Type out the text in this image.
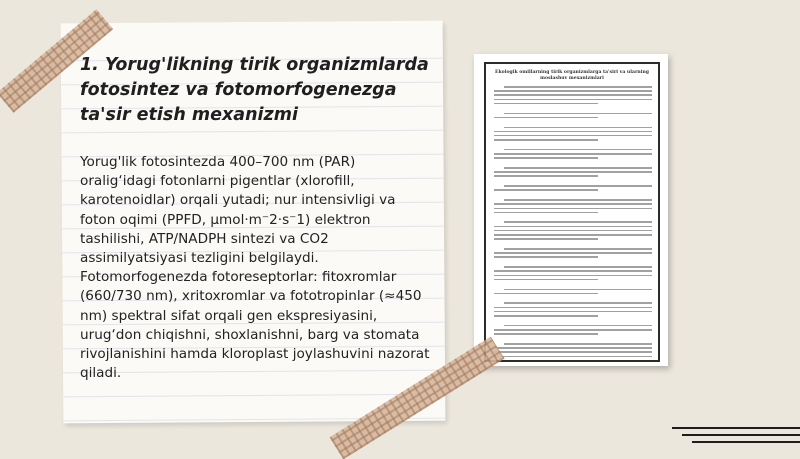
1. Yorug'likning tirik organizmlarda fotosintez va fotomorfogenezga ta'sir etish mexanizmi

Yorug'lik fotosintezda 400–700 nm (PAR) oralig‘idagi fotonlarni pigentlar (xlorofill, karotenoidlar) orqali yutadi; nur intensivligi va foton oqimi (PPFD, µmol·m⁻2·s⁻1) elektron tashilishi, ATP/NADPH sintezi va CO2 assimilyatsiyasi tezligini belgilaydi. Fotomorfogenezda fotoreseptorlar: fitoxromlar (660/730 nm), xritoxromlar va fototropinlar (≈450 nm) spektral sifat orqali gen ekspresiyasini, urug‘don chiqishni, shoxlanishni, barg va stomata rivojlanishini hamda kloroplast joylashuvini nazorat qiladi.

Ekologik omillarning tirik organizmlarga ta'siri va ularning moslashuv mexanizmlari
